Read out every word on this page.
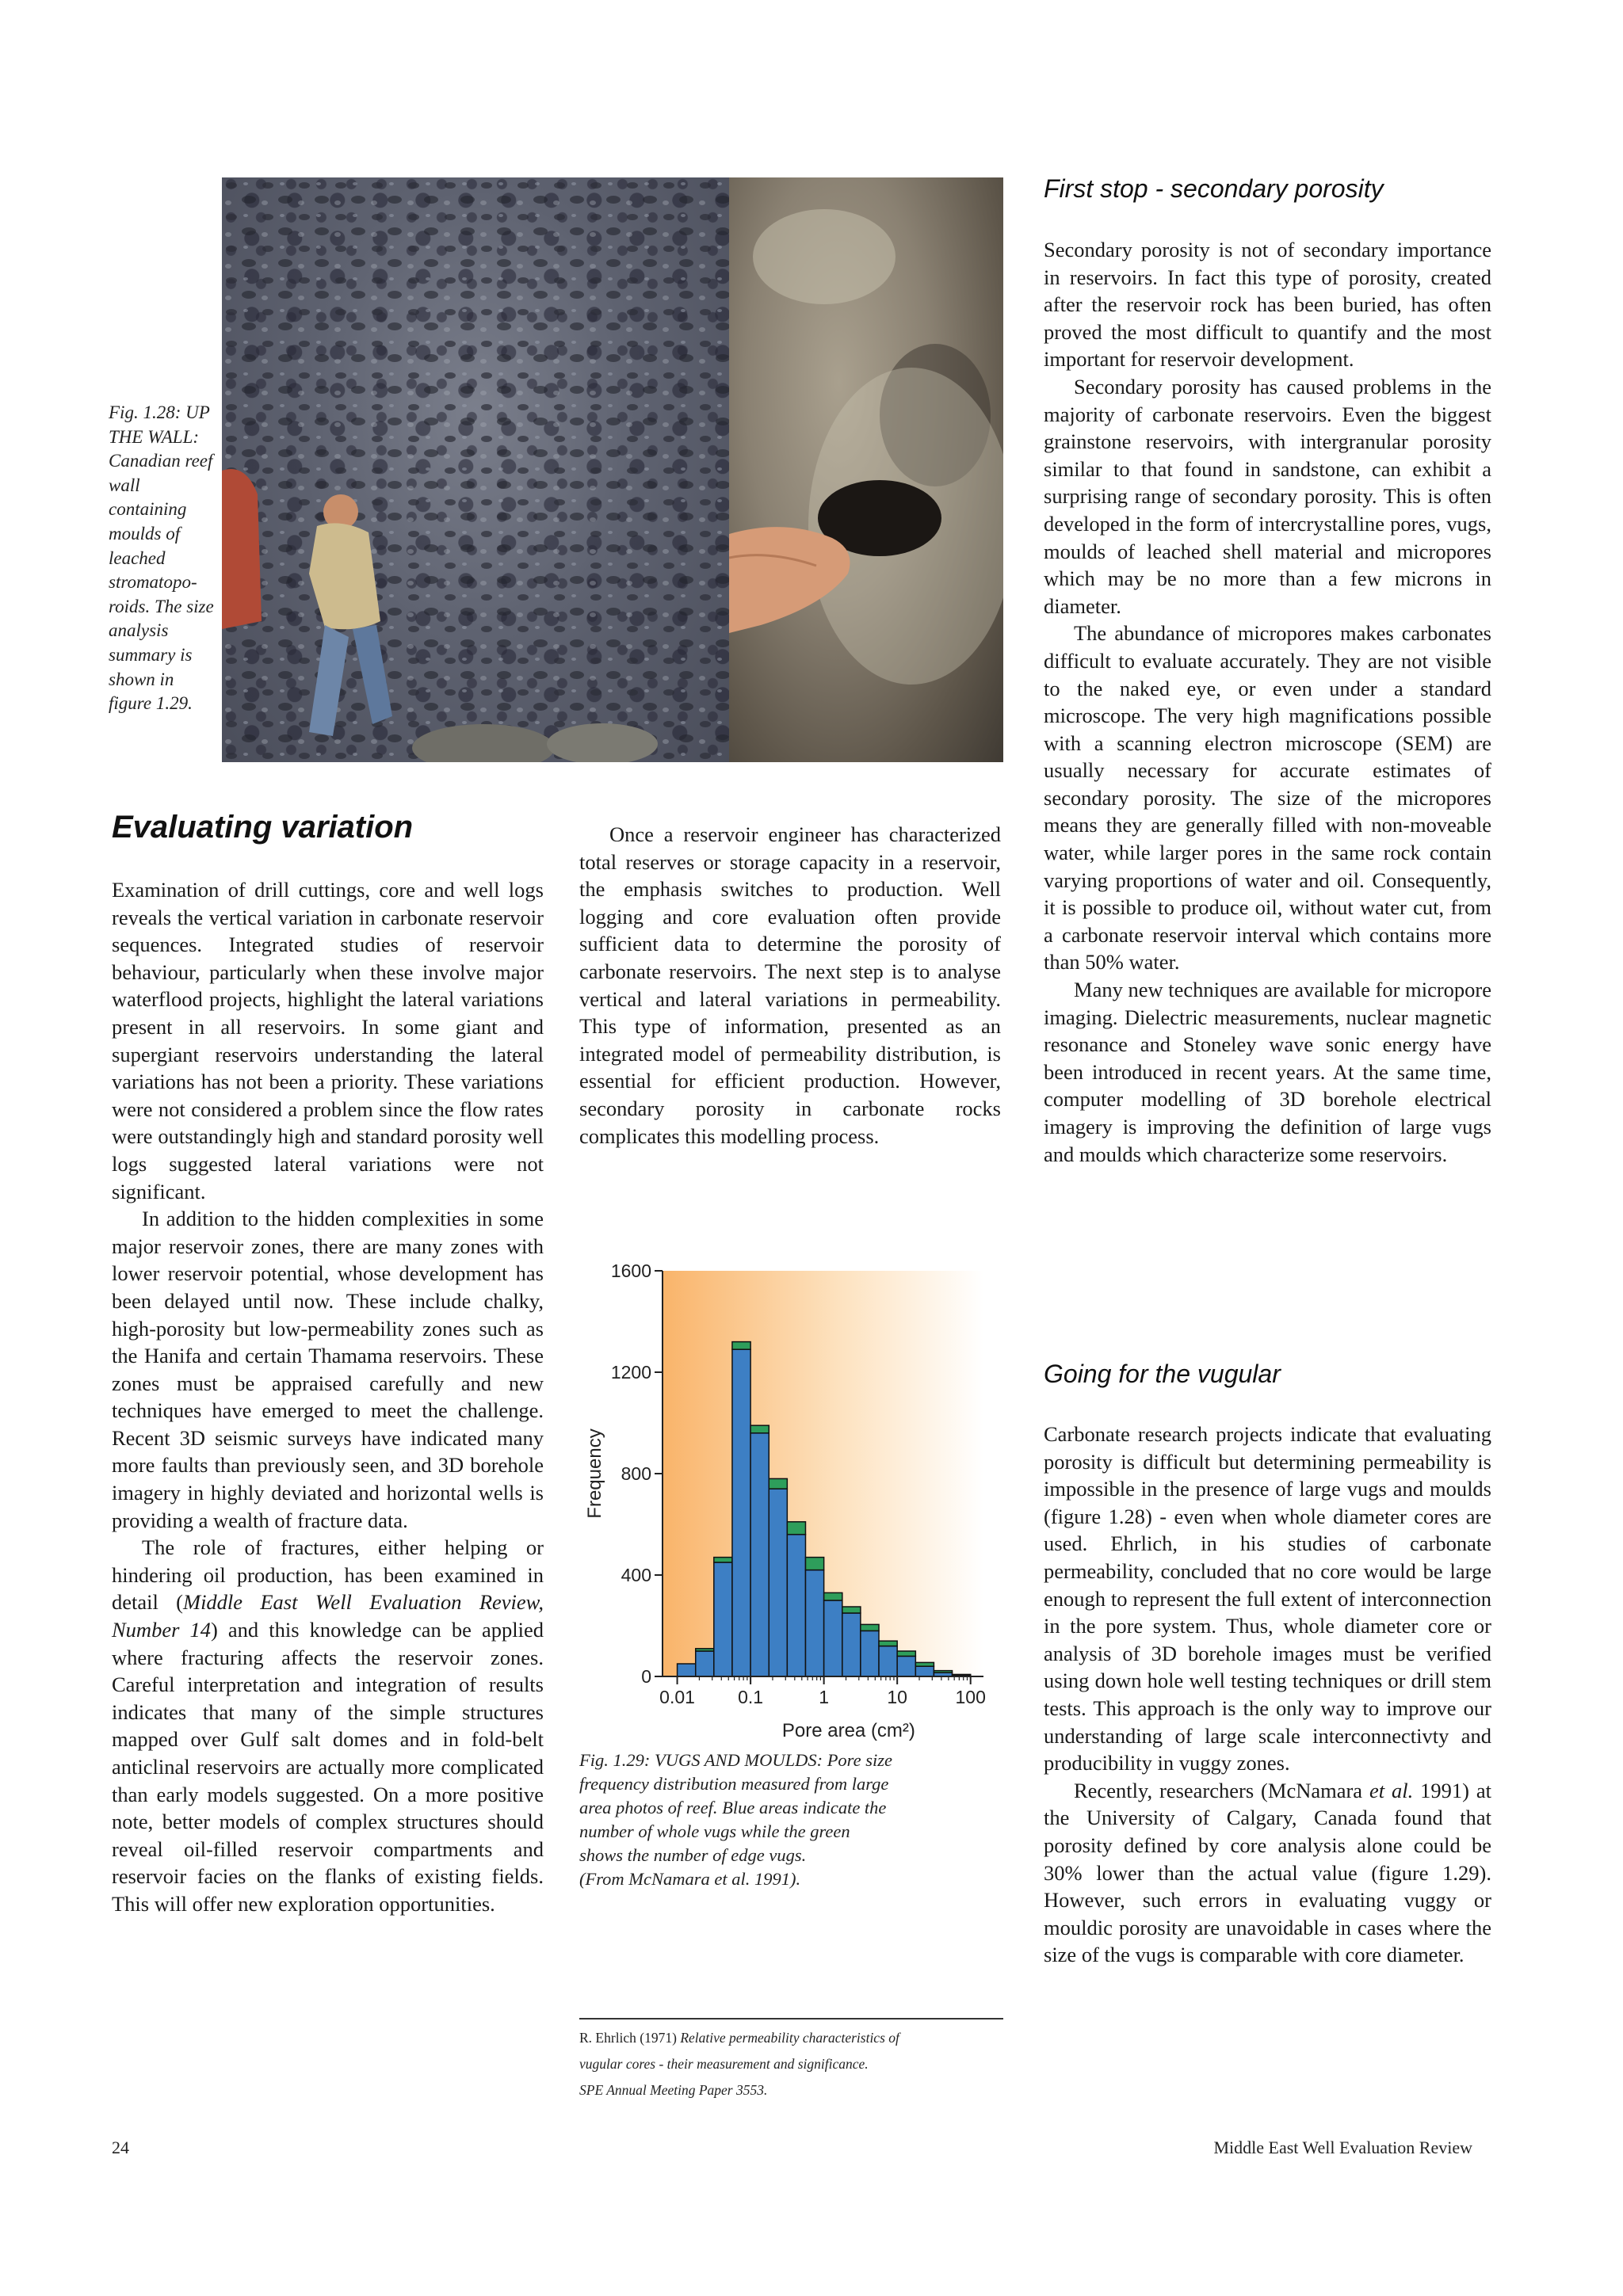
Fig. 1.28: UP THE WALL: Canadian reef wall containing moulds of leached stromatopo-roids. The size analysis summary is shown in figure 1.29.
Evaluating variation

Examination of drill cuttings, core and well logs reveals the vertical variation in carbonate reservoir sequences. Integrated studies of reservoir behaviour, particularly when these involve major waterflood projects, highlight the lateral variations present in all reservoirs. In some giant and supergiant reservoirs understanding the lateral variations has not been a priority. These variations were not considered a problem since the flow rates were outstandingly high and standard porosity well logs suggested lateral variations were not significant.

In addition to the hidden complexities in some major reservoir zones, there are many zones with lower reservoir potential, whose development has been delayed until now. These include chalky, high-porosity but low-permeability zones such as the Hanifa and certain Thamama reservoirs. These zones must be appraised carefully and new techniques have emerged to meet the challenge. Recent 3D seismic surveys have indicated many more faults than previously seen, and 3D borehole imagery in highly deviated and horizontal wells is providing a wealth of fracture data.

The role of fractures, either helping or hindering oil production, has been examined in detail (Middle East Well Evaluation Review, Number 14) and this knowledge can be applied where fracturing affects the reservoir zones. Careful interpretation and integration of results indicates that many of the simple structures mapped over Gulf salt domes and in fold-belt anticlinal reservoirs are actually more complicated than early models suggested. On a more positive note, better models of complex structures should reveal oil-filled reservoir compartments and reservoir facies on the flanks of existing fields. This will offer new exploration opportunities.

Once a reservoir engineer has characterized total reserves or storage capacity in a reservoir, the emphasis switches to production. Well logging and core evaluation often provide sufficient data to determine the porosity of carbonate reservoirs. The next step is to analyse vertical and lateral variations in permeability. This type of information, presented as an integrated model of permeability distribution, is essential for efficient production. However, secondary porosity in carbonate rocks complicates this modelling process.

0
400
800
1200
1600
0.01 0.1	1	10	100
Frequency
Pore area (cm²)
Fig. 1.29: VUGS AND MOULDS: Pore size
frequency distribution measured from large
area photos of reef. Blue areas indicate the
number of whole vugs while the green
shows the number of edge vugs.
(From McNamara et al. 1991).
R. Ehrlich (1971) Relative permeability characteristics of
vugular cores - their measurement and significance.
SPE Annual Meeting Paper 3553.
First stop - secondary porosity

Secondary porosity is not of secondary importance in reservoirs. In fact this type of porosity, created after the reservoir rock has been buried, has often proved the most difficult to quantify and the most important for reservoir development.

Secondary porosity has caused problems in the majority of carbonate reservoirs. Even the biggest grainstone reservoirs, with intergranular porosity similar to that found in sandstone, can exhibit a surprising range of secondary porosity. This is often developed in the form of intercrystalline pores, vugs, moulds of leached shell material and micropores which may be no more than a few microns in diameter.

The abundance of micropores makes carbonates difficult to evaluate accurately. They are not visible to the naked eye, or even under a standard microscope. The very high magnifications possible with a scanning electron microscope (SEM) are usually necessary for accurate estimates of secondary porosity. The size of the micropores means they are generally filled with non-moveable water, while larger pores in the same rock contain varying proportions of water and oil. Consequently, it is possible to produce oil, without water cut, from a carbonate reservoir interval which contains more than 50% water.

Many new techniques are available for micropore imaging. Dielectric measurements, nuclear magnetic resonance and Stoneley wave sonic energy have been introduced in recent years. At the same time, computer modelling of 3D borehole electrical imagery is improving the definition of large vugs and moulds which characterize some reservoirs.

Going for the vugular

Carbonate research projects indicate that evaluating porosity is difficult but determining permeability is impossible in the presence of large vugs and moulds (figure 1.28) - even when whole diameter cores are used. Ehrlich, in his studies of carbonate permeability, concluded that no core would be large enough to represent the full extent of interconnection in the pore system. Thus, whole diameter core or analysis of 3D borehole images must be verified using down hole well testing techniques or drill stem tests. This approach is the only way to improve our understanding of large scale interconnectivty and producibility in vuggy zones.

Recently, researchers (McNamara et al. 1991) at the University of Calgary, Canada found that porosity defined by core analysis alone could be 30% lower than the actual value (figure 1.29). However, such errors in evaluating vuggy or mouldic porosity are unavoidable in cases where the size of the vugs is comparable with core diameter.

24	Middle East Well Evaluation Review
